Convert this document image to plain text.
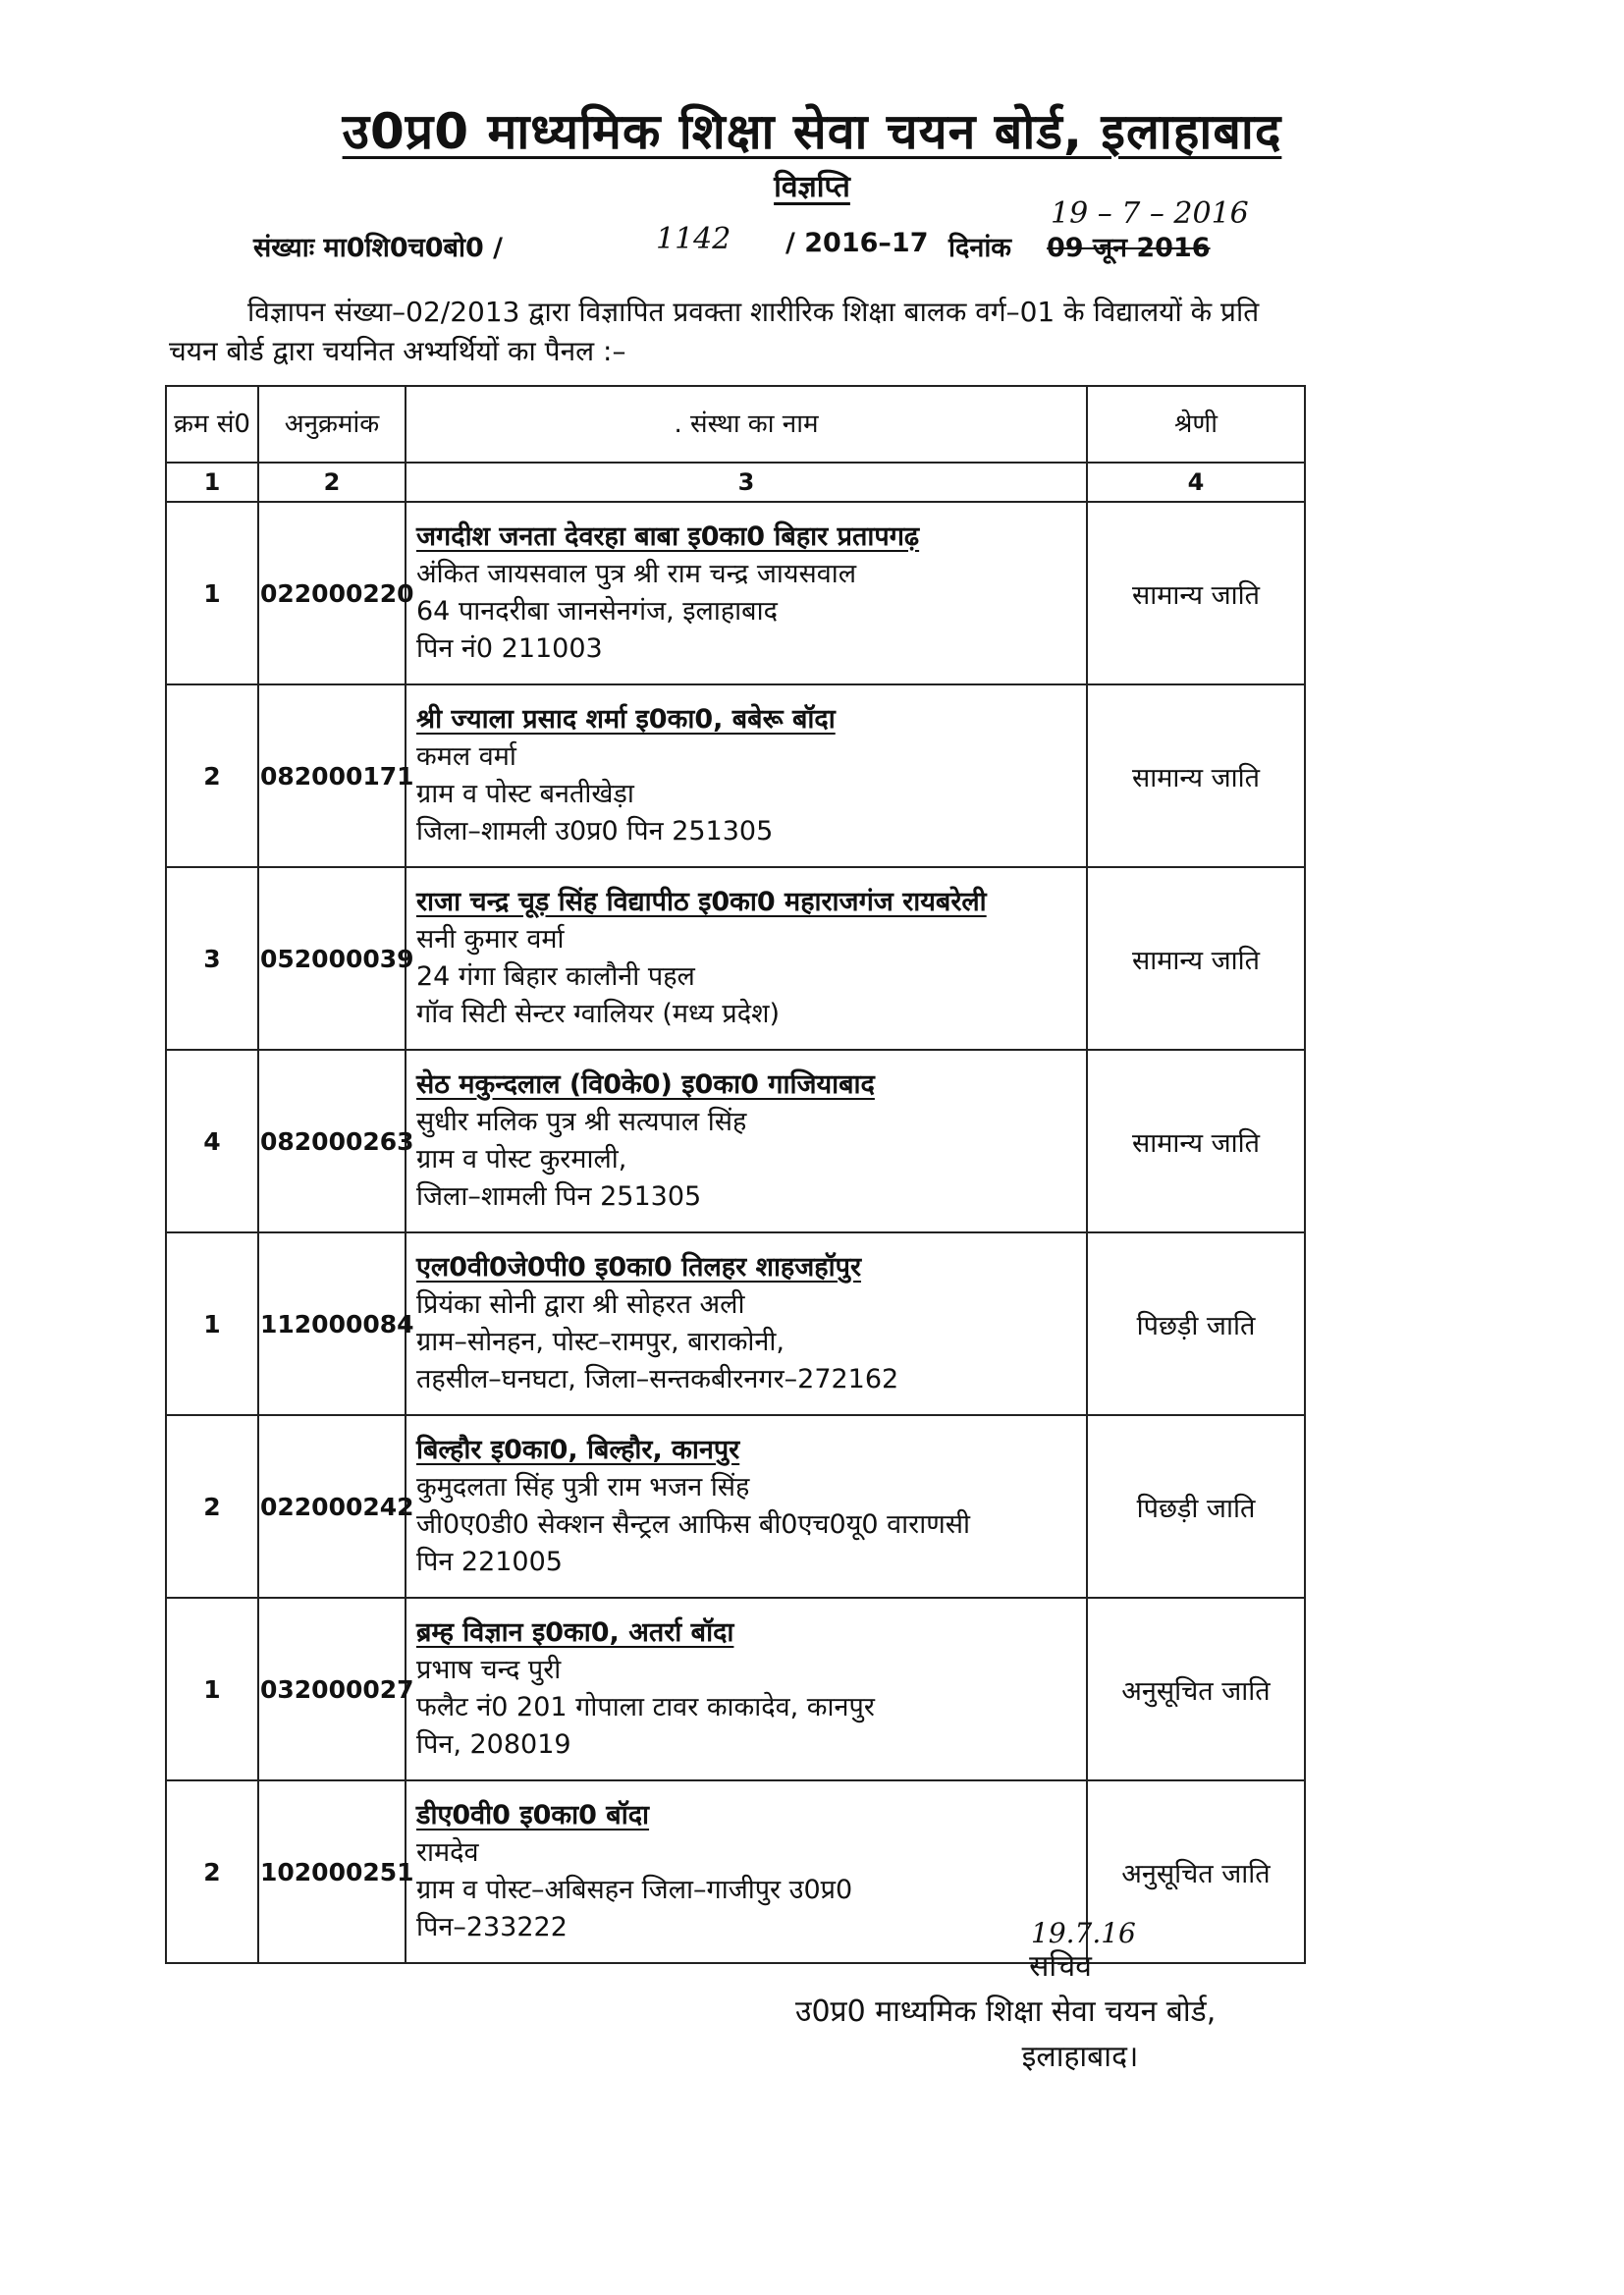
उ0प्र0 माध्यमिक शिक्षा सेवा चयन बोर्ड, इलाहाबाद
विज्ञप्ति
19 – 7 – 2016
संख्याः मा0शि0च0बो0 /	1142 / 2016–17 दिनांक 09 जून 2016
विज्ञापन संख्या–02/2013 द्वारा विज्ञापित प्रवक्ता शारीरिक शिक्षा बालक वर्ग–01 के विद्यालयों के प्रति चयन बोर्ड द्वारा चयनित अभ्यर्थियों का पैनल :–
क्रम सं0	अनुक्रमांक	. संस्था का नाम	श्रेणी
1	2	3	4
1	022000220	जगदीश जनता देवरहा बाबा इ0का0 बिहार प्रतापगढ़
अंकित जायसवाल पुत्र श्री राम चन्द्र जायसवाल
64 पानदरीबा जानसेनगंज, इलाहाबाद
पिन नं0 211003	सामान्य जाति
2	082000171	श्री ज्याला प्रसाद शर्मा इ0का0, बबेरू बॉदा
कमल वर्मा
ग्राम व पोस्ट बनतीखेड़ा
जिला–शामली उ0प्र0 पिन 251305	सामान्य जाति
3	052000039	राजा चन्द्र चूड़ सिंह विद्यापीठ इ0का0 महाराजगंज रायबरेली
सनी कुमार वर्मा
24 गंगा बिहार कालौनी पहल
गॉव सिटी सेन्टर ग्वालियर (मध्य प्रदेश)	सामान्य जाति
4	082000263	सेठ मकुन्दलाल (वि0के0) इ0का0 गाजियाबाद
सुधीर मलिक पुत्र श्री सत्यपाल सिंह
ग्राम व पोस्ट कुरमाली,
जिला–शामली पिन 251305	सामान्य जाति
1	112000084	एल0वी0जे0पी0 इ0का0 तिलहर शाहजहॉपुर
प्रियंका सोनी द्वारा श्री सोहरत अली
ग्राम–सोनहन, पोस्ट–रामपुर, बाराकोनी,
तहसील–घनघटा, जिला–सन्तकबीरनगर–272162	पिछड़ी जाति
2	022000242	बिल्हौर इ0का0, बिल्हौर, कानपुर
कुमुदलता सिंह पुत्री राम भजन सिंह
जी0ए0डी0 सेक्शन सैन्ट्रल आफिस बी0एच0यू0 वाराणसी
पिन 221005	पिछड़ी जाति
1	032000027	ब्रम्ह विज्ञान इ0का0, अतर्रा बॉदा
प्रभाष चन्द पुरी
फलैट नं0 201 गोपाला टावर काकादेव, कानपुर
पिन, 208019	अनुसूचित जाति
2	102000251	डीए0वी0 इ0का0 बॉदा
रामदेव
ग्राम व पोस्ट–अबिसहन जिला–गाजीपुर उ0प्र0
पिन–233222	अनुसूचित जाति
19.7.16
सचिव
उ0प्र0 माध्यमिक शिक्षा सेवा चयन बोर्ड,
इलाहाबाद।
